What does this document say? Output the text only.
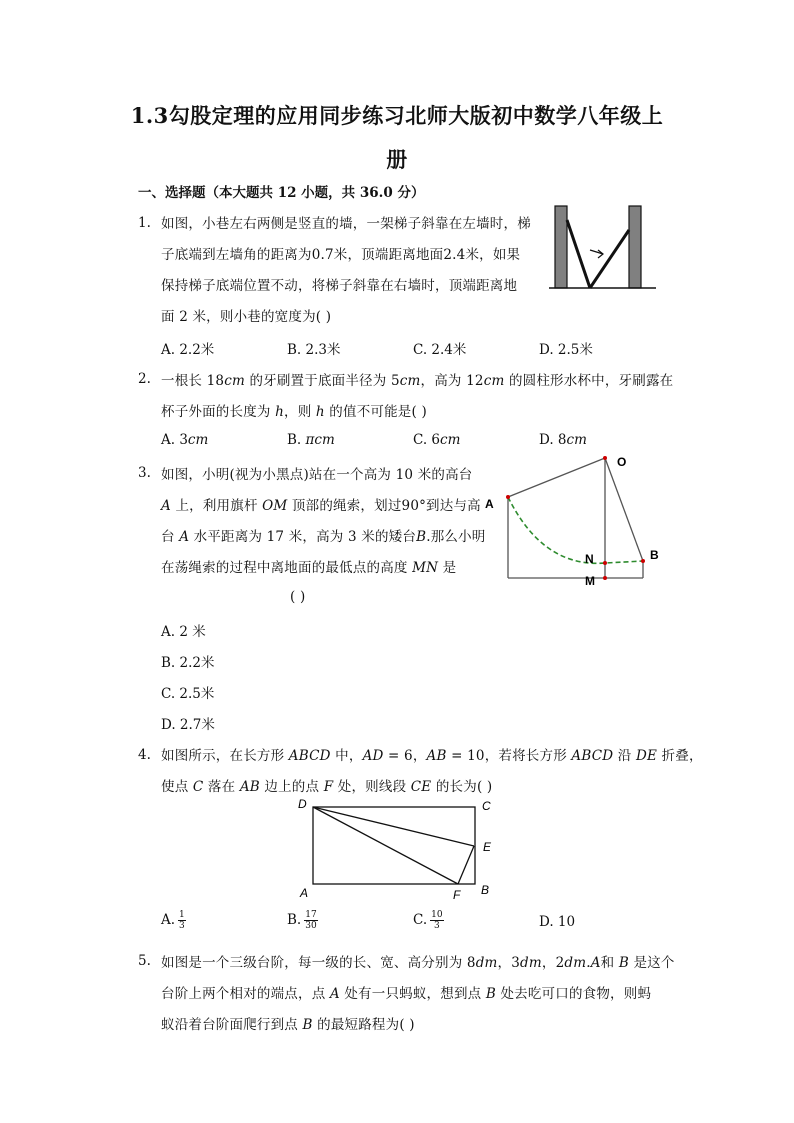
1.3勾股定理的应用同步练习北师大版初中数学八年级上
册
一、选择题（本大题共 12 小题，共 36.0 分）
1. 如图，小巷左右两侧是竖直的墙，一架梯子斜靠在左墙时，梯
子底端到左墙角的距离为0.7米，顶端距离地面2.4米，如果
保持梯子底端位置不动，将梯子斜靠在右墙时，顶端距离地
面 2 米，则小巷的宽度为( )
A. 2.2米	B. 2.3米	C. 2.4米	D. 2.5米
2. 一根长 18cm 的牙刷置于底面半径为 5cm，高为 12cm 的圆柱形水杯中，牙刷露在
杯子外面的长度为 h，则 h 的值不可能是( )
A. 3cm	B. πcm	C. 6cm	D. 8cm
3. 如图，小明(视为小黑点)站在一个高为 10 米的高台
A 上，利用旗杆 OM 顶部的绳索，划过90°到达与高
台 A 水平距离为 17 米，高为 3 米的矮台B.那么小明
在荡绳索的过程中离地面的最低点的高度 MN 是
( )
A. 2 米
B. 2.2米
C. 2.5米
D. 2.7米
A
O
N
M
B
4. 如图所示，在长方形 ABCD 中，AD = 6，AB = 10，若将长方形 ABCD 沿 DE 折叠，
使点 C 落在 AB 边上的点 F 处，则线段 CE 的长为( )
D	C
E
A	F B
A. $\frac{1}{3}$	B. $\frac{17}{30}$	C. $\frac{10}{3}$	D. 10
5. 如图是一个三级台阶，每一级的长、宽、高分别为 8dm，3dm，2dm.A和 B 是这个
台阶上两个相对的端点，点 A 处有一只蚂蚁，想到点 B 处去吃可口的食物，则蚂
蚁沿着台阶面爬行到点 B 的最短路程为( )
